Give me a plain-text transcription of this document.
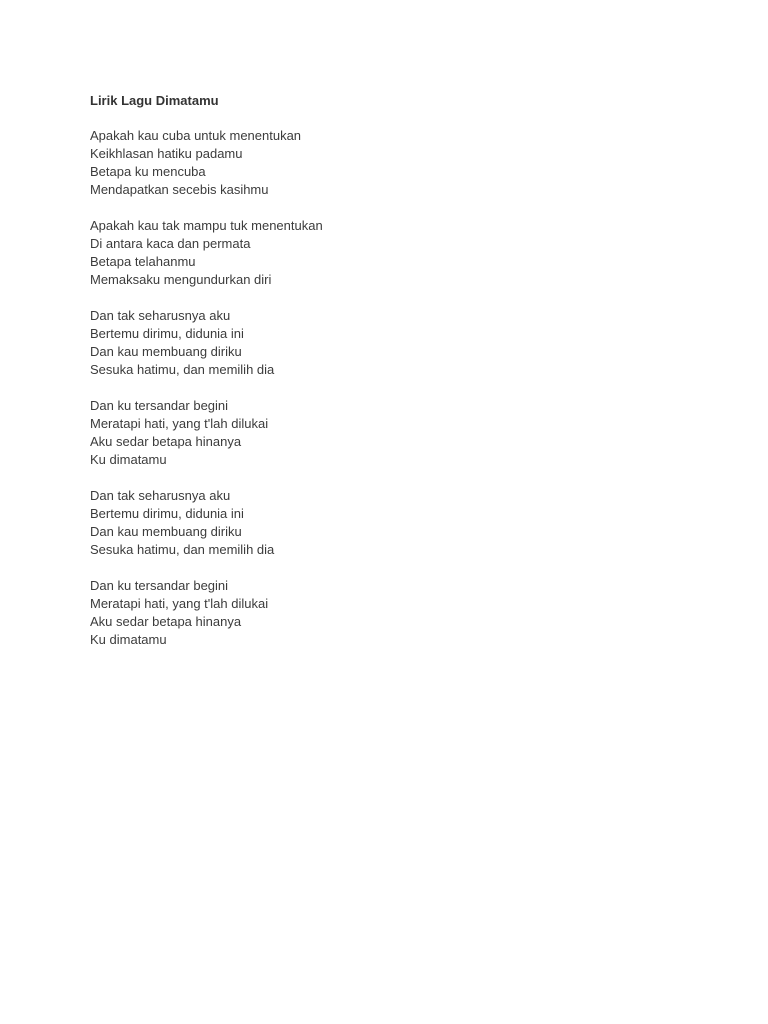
Lirik Lagu Dimatamu
Apakah kau cuba untuk menentukan
Keikhlasan hatiku padamu
Betapa ku mencuba
Mendapatkan secebis kasihmu
Apakah kau tak mampu tuk menentukan
Di antara kaca dan permata
Betapa telahanmu
Memaksaku mengundurkan diri
Dan tak seharusnya aku
Bertemu dirimu, didunia ini
Dan kau membuang diriku
Sesuka hatimu, dan memilih dia
Dan ku tersandar begini
Meratapi hati, yang t'lah dilukai
Aku sedar betapa hinanya
Ku dimatamu
Dan tak seharusnya aku
Bertemu dirimu, didunia ini
Dan kau membuang diriku
Sesuka hatimu, dan memilih dia
Dan ku tersandar begini
Meratapi hati, yang t'lah dilukai
Aku sedar betapa hinanya
Ku dimatamu
